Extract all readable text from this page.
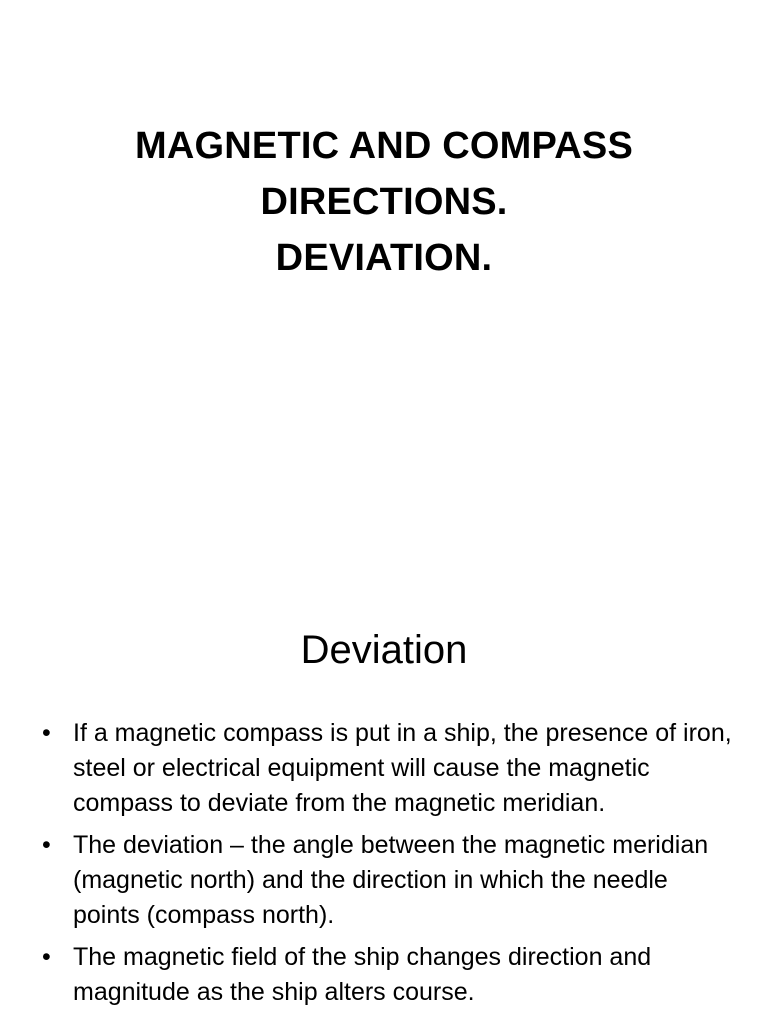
MAGNETIC AND COMPASS
DIRECTIONS.
DEVIATION.
Deviation
• If a magnetic compass is put in a ship, the presence of iron, steel or electrical equipment will cause the magnetic compass to deviate from the magnetic meridian.
• The deviation – the angle between the magnetic meridian (magnetic north) and the direction in which the needle points (compass north).
• The magnetic field of the ship changes direction and magnitude as the ship alters course.
